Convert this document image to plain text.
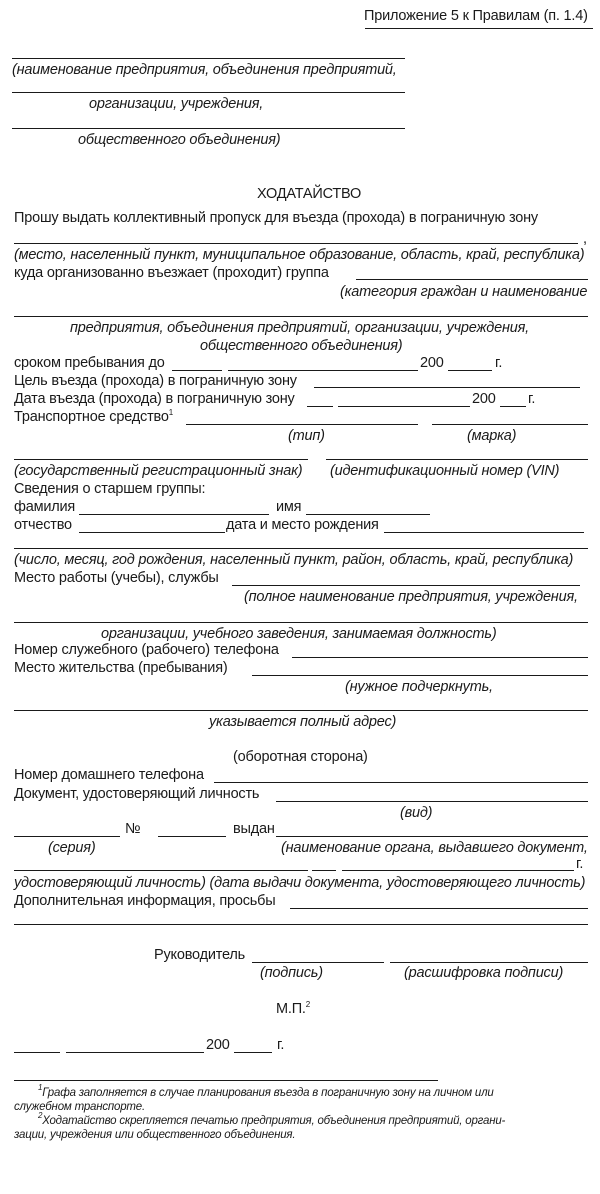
Приложение 5 к Правилам (п. 1.4)
(наименование предприятия, объединения предприятий,
организации, учреждения,
общественного объединения)
ХОДАТАЙСТВО
Прошу выдать коллективный пропуск для въезда (прохода) в пограничную зону
,
(место, населенный пункт, муниципальное образование, область, край, республика)
куда организованно въезжает (проходит) группа
(категория граждан и наименование
предприятия, объединения предприятий, организации, учреждения,
общественного объединения)
сроком пребывания до	200	г.
Цель въезда (прохода) в пограничную зону
Дата въезда (прохода) в пограничную зону	200 г.
Транспортное средство$^1$
(тип)	(марка)
(государственный регистрационный знак) (идентификационный номер (VIN)
Сведения о старшем группы:
фамилия	имя
отчество	дата и место рождения
(число, месяц, год рождения, населенный пункт, район, область, край, республика)
Место работы (учебы), службы
(полное наименование предприятия, учреждения,
организации, учебного заведения, занимаемая должность)
Номер служебного (рабочего) телефона
Место жительства (пребывания)
(нужное подчеркнуть,
указывается полный адрес)
(оборотная сторона)
Номер домашнего телефона
Документ, удостоверяющий личность
(вид)
№	выдан
(серия)	(наименование органа, выдавшего документ,
г.
удостоверяющий личность) (дата выдачи документа, удостоверяющего личность)
Дополнительная информация, просьбы
Руководитель
(подпись)	(расшифровка подписи)
М.П.$^2$
200	г.
$^1$Графа заполняется в случае планирования въезда в пограничную зону на личном или
служебном транспорте.
$^2$Ходатайство скрепляется печатью предприятия, объединения предприятий, органи-
зации, учреждения или общественного объединения.
